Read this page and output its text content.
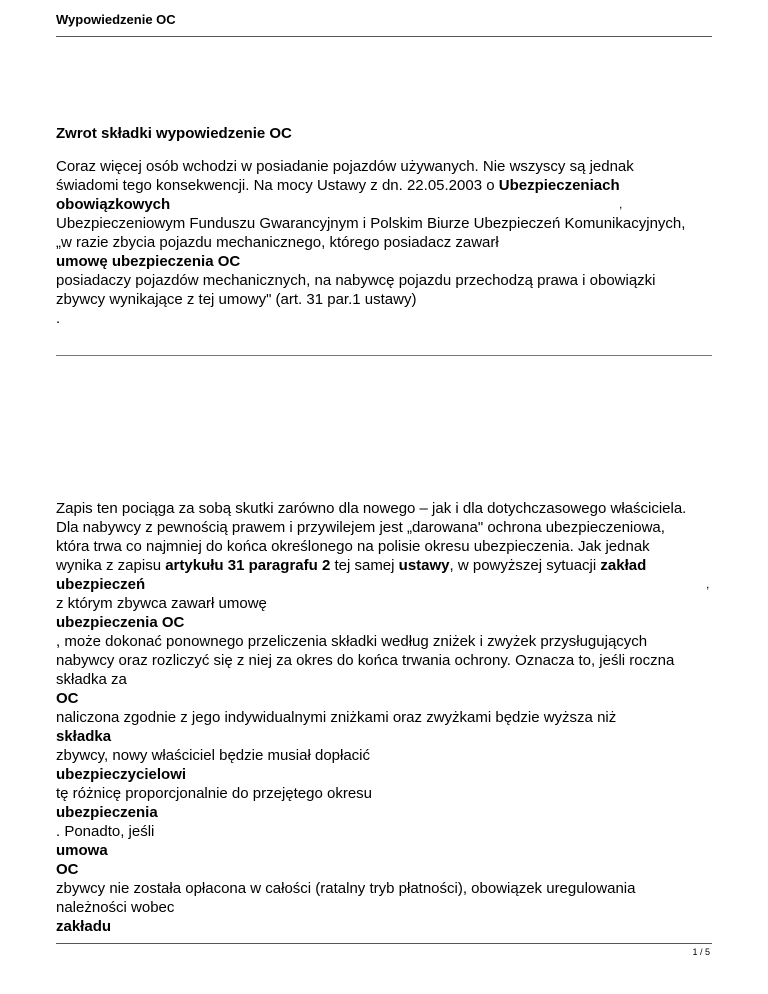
Wypowiedzenie OC
Zwrot składki wypowiedzenie OC
Coraz więcej osób wchodzi w posiadanie pojazdów używanych. Nie wszyscy są jednak
świadomi tego konsekwencji. Na mocy Ustawy z dn. 22.05.2003 o Ubezpieczeniach
obowiązkowych
Ubezpieczeniowym Funduszu Gwarancyjnym i Polskim Biurze Ubezpieczeń Komunikacyjnych,
„w razie zbycia pojazdu mechanicznego, którego posiadacz zawarł
umowę ubezpieczenia OC
posiadaczy pojazdów mechanicznych, na nabywcę pojazdu przechodzą prawa i obowiązki
zbywcy wynikające z tej umowy" (art. 31 par.1 ustawy)
.
,
Zapis ten pociąga za sobą skutki zarówno dla nowego – jak i dla dotychczasowego właściciela.
Dla nabywcy z pewnością prawem i przywilejem jest „darowana" ochrona ubezpieczeniowa,
która trwa co najmniej do końca określonego na polisie okresu ubezpieczenia. Jak jednak
wynika z zapisu artykułu 31 paragrafu 2 tej samej ustawy, w powyższej sytuacji zakład
ubezpieczeń
z którym zbywca zawarł umowę
ubezpieczenia OC
, może dokonać ponownego przeliczenia składki według zniżek i zwyżek przysługujących
nabywcy oraz rozliczyć się z niej za okres do końca trwania ochrony. Oznacza to, jeśli roczna
składka za
OC
naliczona zgodnie z jego indywidualnymi zniżkami oraz zwyżkami będzie wyższa niż
składka
zbywcy, nowy właściciel będzie musiał dopłacić
ubezpieczycielowi
tę różnicę proporcjonalnie do przejętego okresu
ubezpieczenia
. Ponadto, jeśli
umowa
OC
zbywcy nie została opłacona w całości (ratalny tryb płatności), obowiązek uregulowania
należności wobec
zakładu
,
1 / 5
